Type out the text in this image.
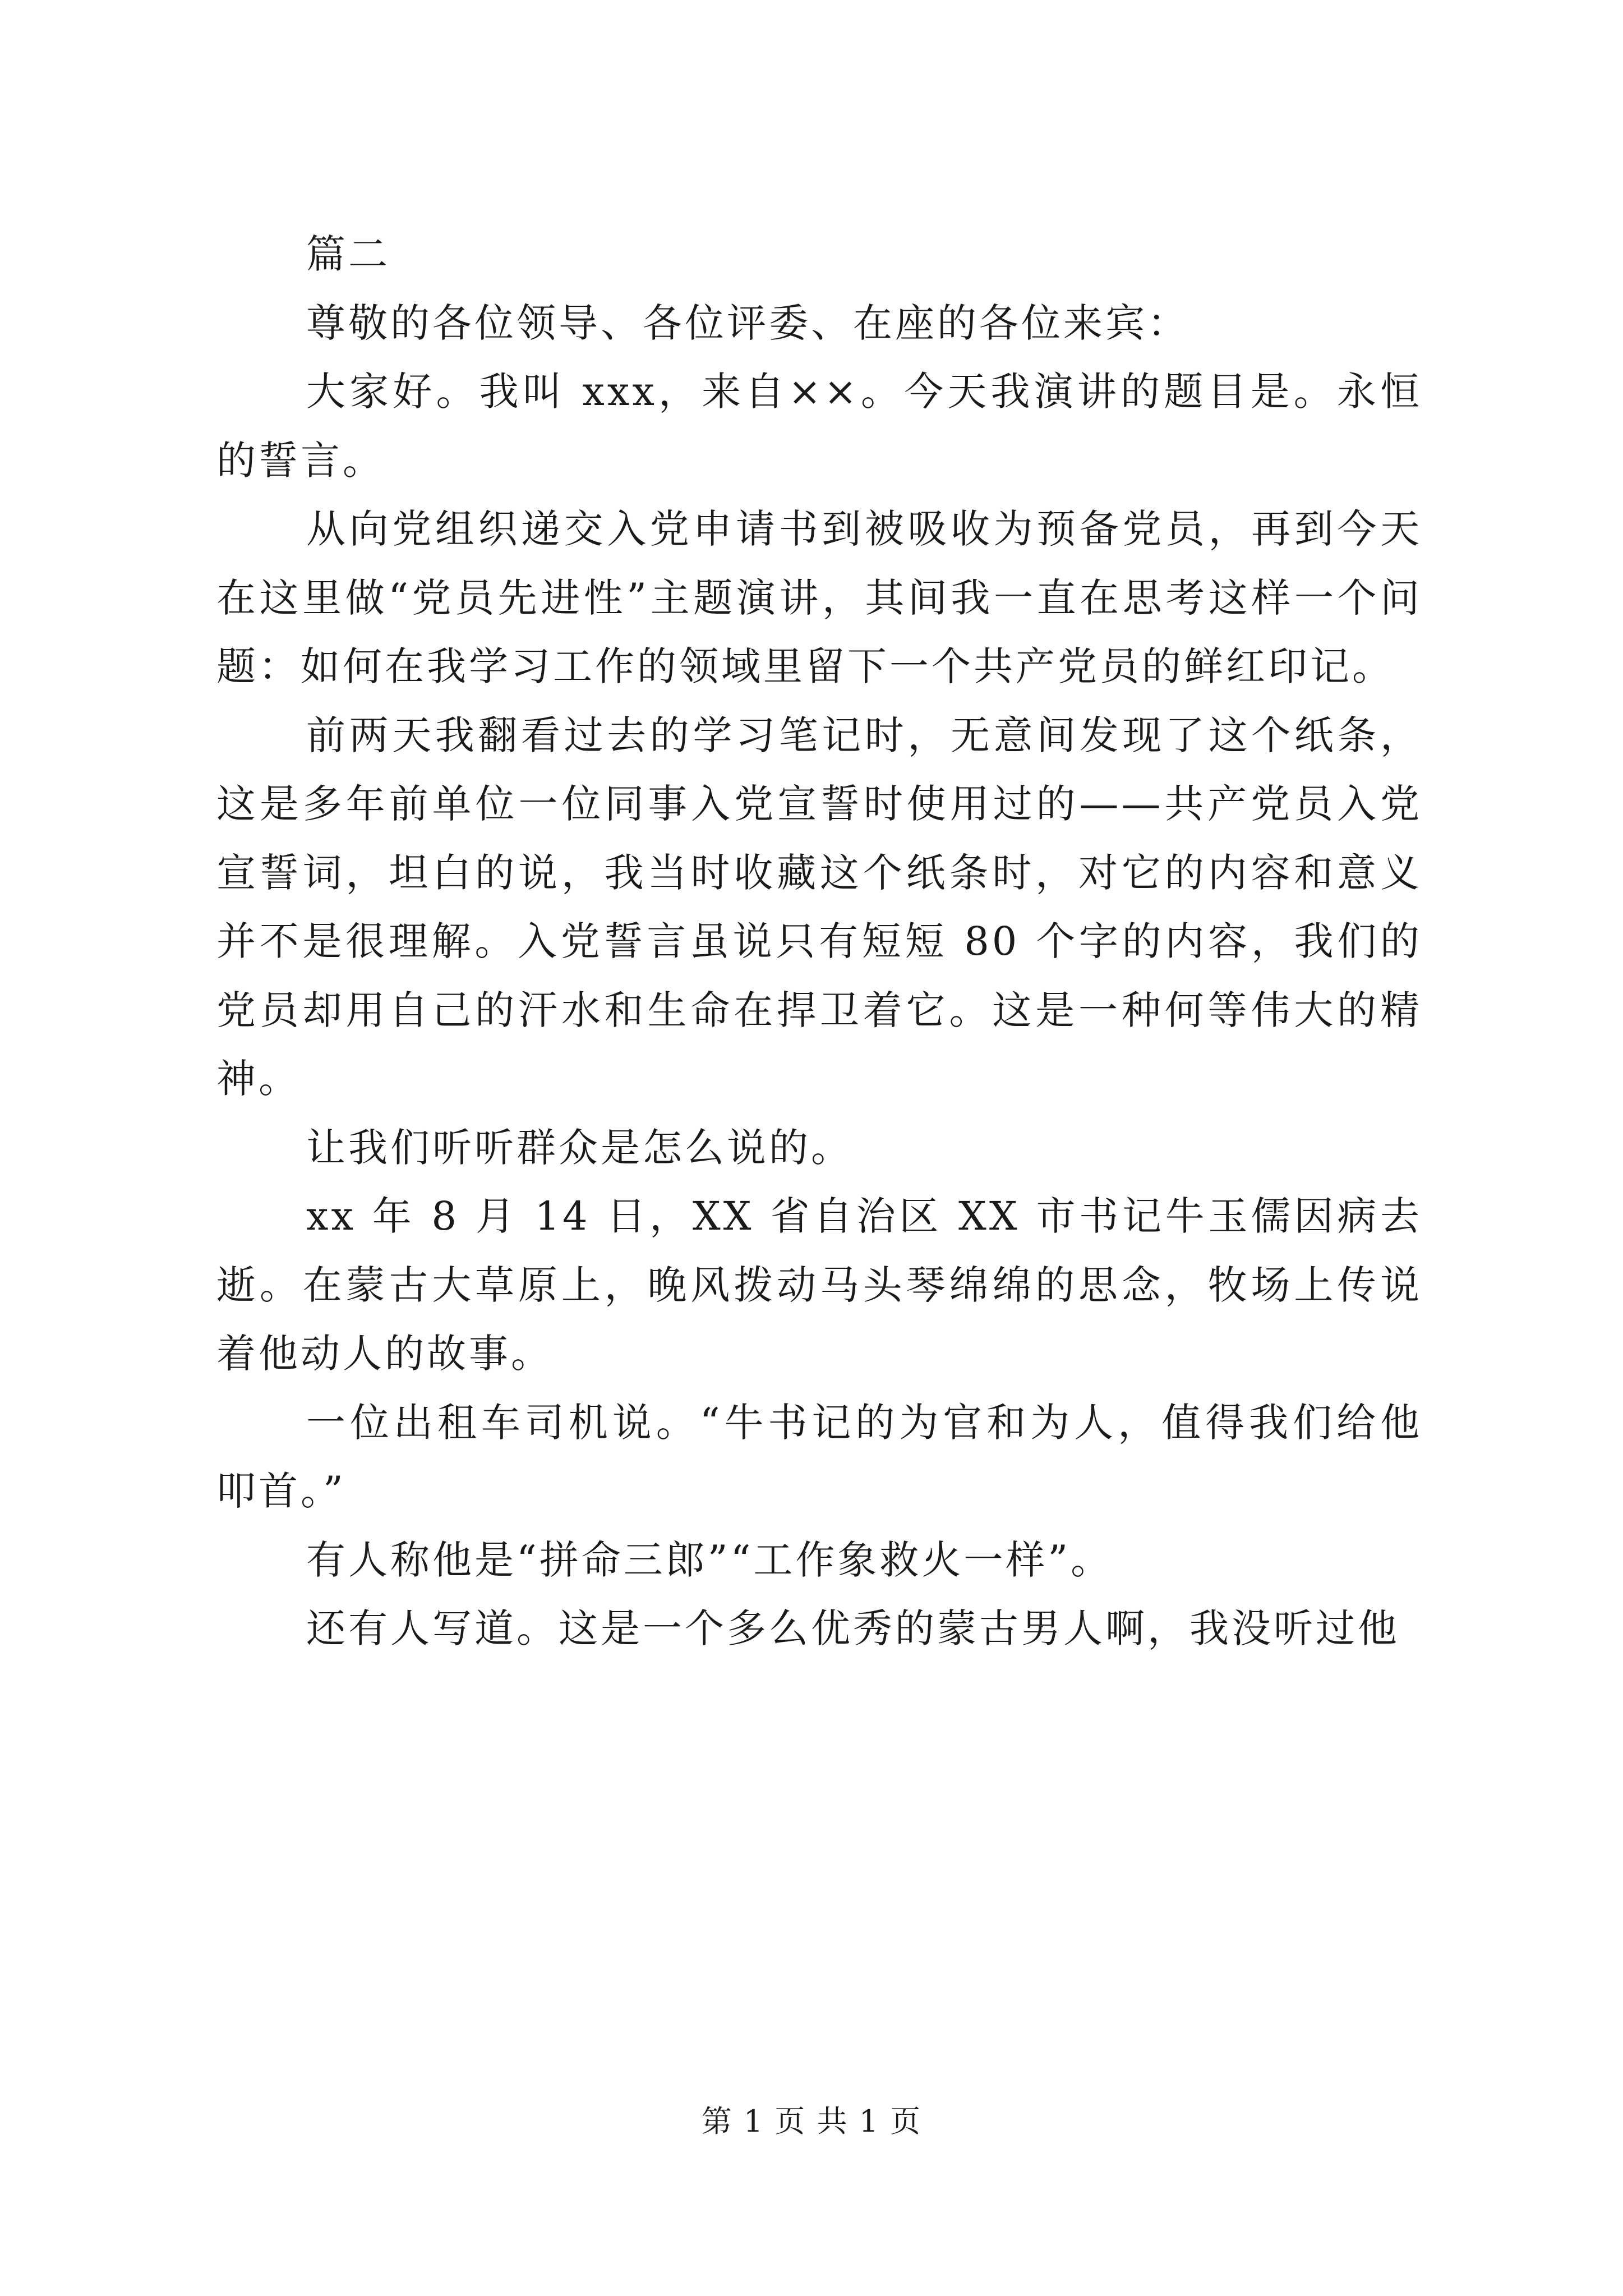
篇二

尊敬的各位领导、各位评委、在座的各位来宾：

大家好。我叫 xxx，来自××。今天我演讲的题目是。永恒的誓言。

从向党组织递交入党申请书到被吸收为预备党员，再到今天在这里做“党员先进性”主题演讲，其间我一直在思考这样一个问题：如何在我学习工作的领域里留下一个共产党员的鲜红印记。

前两天我翻看过去的学习笔记时，无意间发现了这个纸条，这是多年前单位一位同事入党宣誓时使用过的——共产党员入党宣誓词，坦白的说，我当时收藏这个纸条时，对它的内容和意义并不是很理解。入党誓言虽说只有短短 80 个字的内容，我们的党员却用自己的汗水和生命在捍卫着它。这是一种何等伟大的精神。

让我们听听群众是怎么说的。

xx 年 8 月 14 日，XX 省自治区 XX 市书记牛玉儒因病去逝。在蒙古大草原上，晚风拨动马头琴绵绵的思念，牧场上传说着他动人的故事。

一位出租车司机说。“牛书记的为官和为人，值得我们给他叩首。”

有人称他是“拼命三郎”“工作象救火一样”。

还有人写道。这是一个多么优秀的蒙古男人啊，我没听过他

第 1 页 共 1 页
